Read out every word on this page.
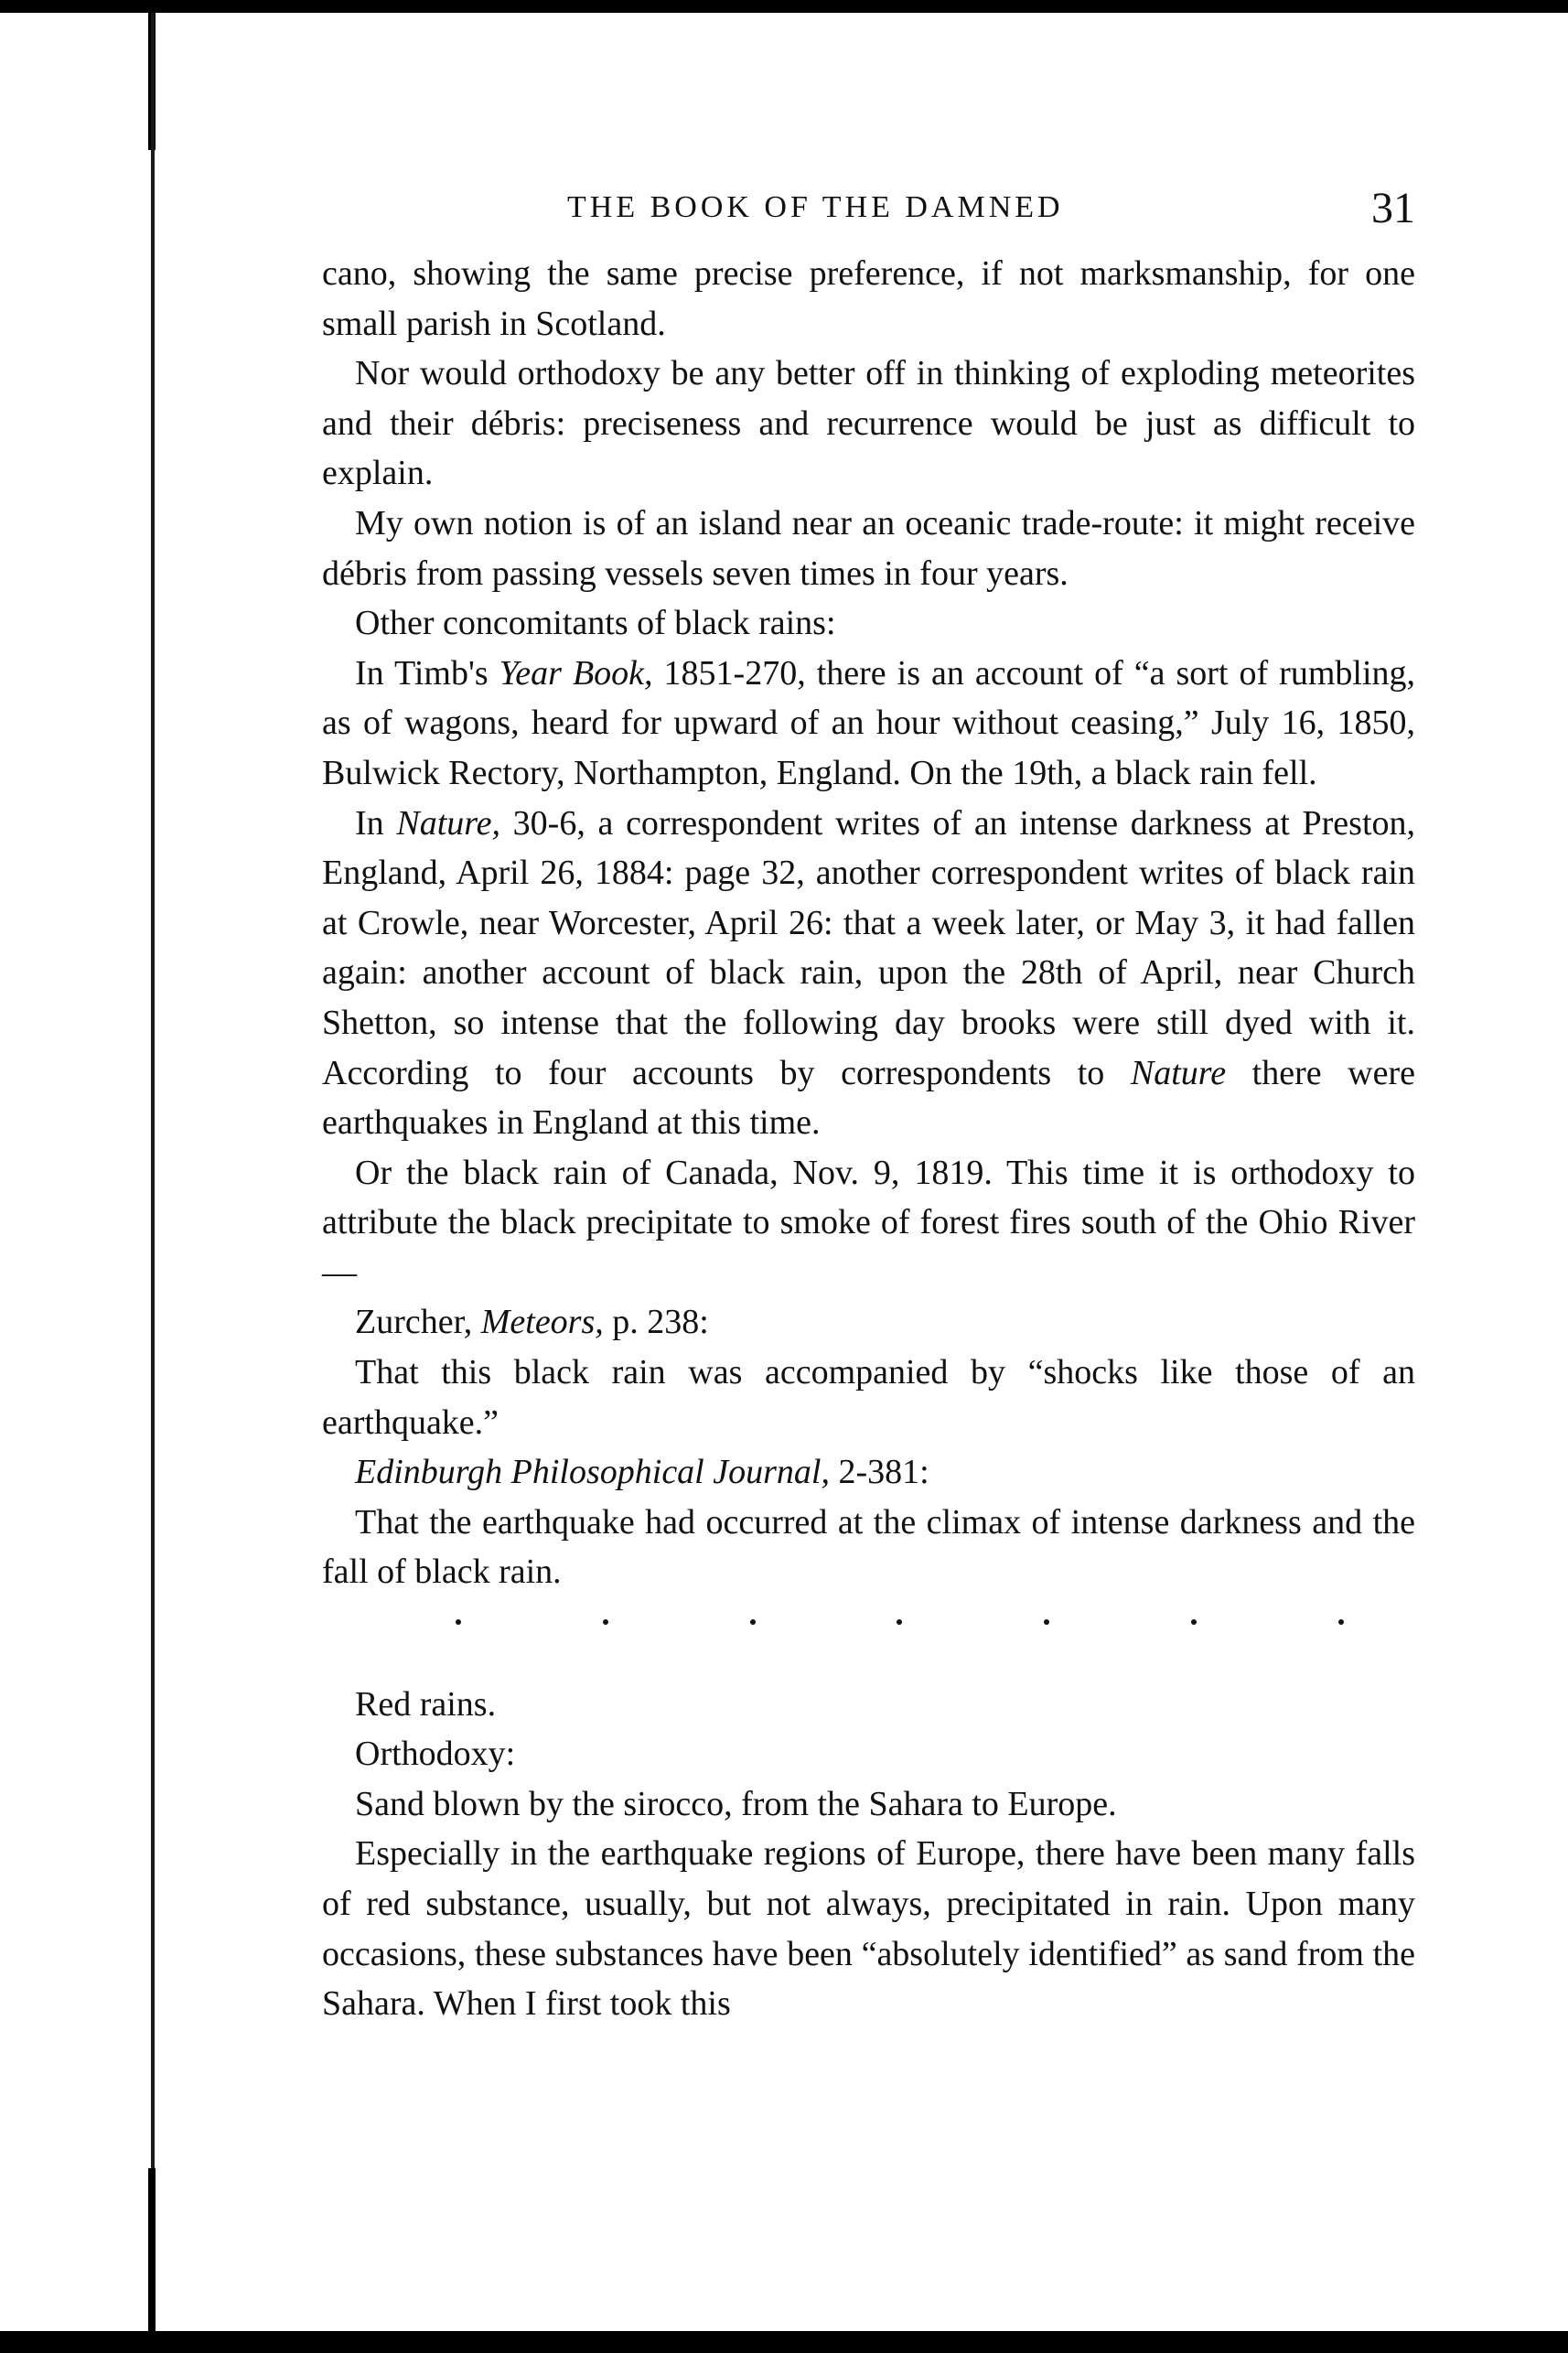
THE BOOK OF THE DAMNED	31

cano, showing the same precise preference, if not marksmanship, for one small parish in Scotland.

Nor would orthodoxy be any better off in thinking of exploding meteorites and their débris: preciseness and recurrence would be just as difficult to explain.

My own notion is of an island near an oceanic trade-route: it might receive débris from passing vessels seven times in four years.

Other concomitants of black rains:

In Timb's Year Book, 1851-270, there is an account of “a sort of rumbling, as of wagons, heard for upward of an hour without ceasing,” July 16, 1850, Bulwick Rectory, Northampton, England. On the 19th, a black rain fell.

In Nature, 30-6, a correspondent writes of an intense darkness at Preston, England, April 26, 1884: page 32, another correspondent writes of black rain at Crowle, near Worcester, April 26: that a week later, or May 3, it had fallen again: another account of black rain, upon the 28th of April, near Church Shetton, so intense that the following day brooks were still dyed with it. According to four accounts by correspondents to Nature there were earthquakes in England at this time.

Or the black rain of Canada, Nov. 9, 1819. This time it is orthodoxy to attribute the black precipitate to smoke of forest fires south of the Ohio River—

Zurcher, Meteors, p. 238:

That this black rain was accompanied by “shocks like those of an earthquake.”

Edinburgh Philosophical Journal, 2-381:

That the earthquake had occurred at the climax of intense darkness and the fall of black rain.

Red rains.

Orthodoxy:

Sand blown by the sirocco, from the Sahara to Europe.

Especially in the earthquake regions of Europe, there have been many falls of red substance, usually, but not always, precipitated in rain. Upon many occasions, these substances have been “absolutely identified” as sand from the Sahara. When I first took this
